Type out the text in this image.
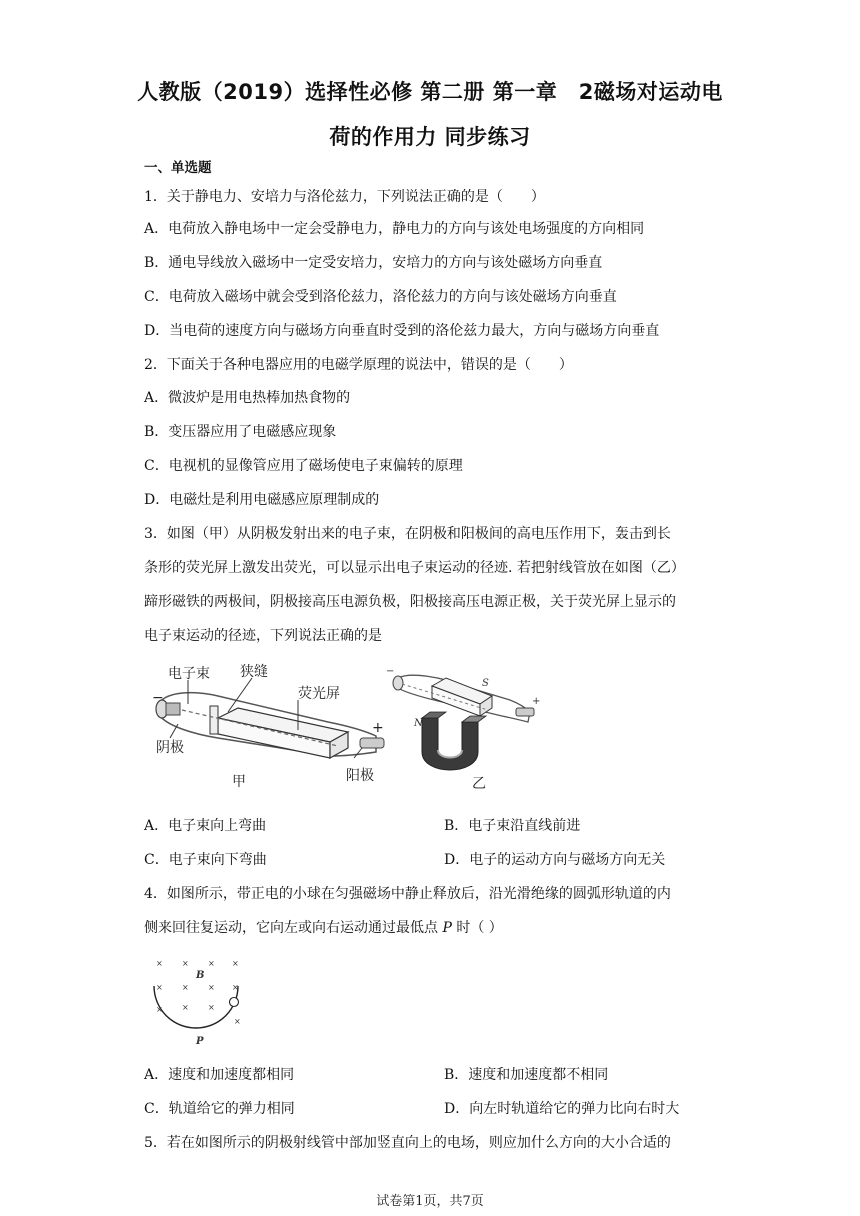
人教版（2019）选择性必修 第二册 第一章　2磁场对运动电
荷的作用力 同步练习
一、单选题
1．关于静电力、安培力与洛伦兹力，下列说法正确的是（　　）
A．电荷放入静电场中一定会受静电力，静电力的方向与该处电场强度的方向相同
B．通电导线放入磁场中一定受安培力，安培力的方向与该处磁场方向垂直
C．电荷放入磁场中就会受到洛伦兹力，洛伦兹力的方向与该处磁场方向垂直
D．当电荷的速度方向与磁场方向垂直时受到的洛伦兹力最大，方向与磁场方向垂直
2．下面关于各种电器应用的电磁学原理的说法中，错误的是（　　）
A．微波炉是用电热棒加热食物的
B．变压器应用了电磁感应现象
C．电视机的显像管应用了磁场使电子束偏转的原理
D．电磁灶是利用电磁感应原理制成的
3．如图（甲）从阴极发射出来的电子束，在阴极和阳极间的高电压作用下，轰击到长
条形的荧光屏上激发出荧光，可以显示出电子束运动的径迹. 若把射线管放在如图（乙）
蹄形磁铁的两极间，阴极接高压电源负极，阳极接高压电源正极，关于荧光屏上显示的
电子束运动的径迹，下列说法正确的是
电子束 狭缝
荧光屏
阴极
阳极
甲
−
+	N
S
−
+
乙
A．电子束向上弯曲	B．电子束沿直线前进
C．电子束向下弯曲	D．电子的运动方向与磁场方向无关
4．如图所示，带正电的小球在匀强磁场中静止释放后，沿光滑绝缘的圆弧形轨道的内
侧来回往复运动，它向左或向右运动通过最低点 P 时（ ）
× × × ×
× × × ×
× × ×
×
B
P
A．速度和加速度都相同	B．速度和加速度都不相同
C．轨道给它的弹力相同	D．向左时轨道给它的弹力比向右时大
5．若在如图所示的阴极射线管中部加竖直向上的电场，则应加什么方向的大小合适的
试卷第1页，共7页
